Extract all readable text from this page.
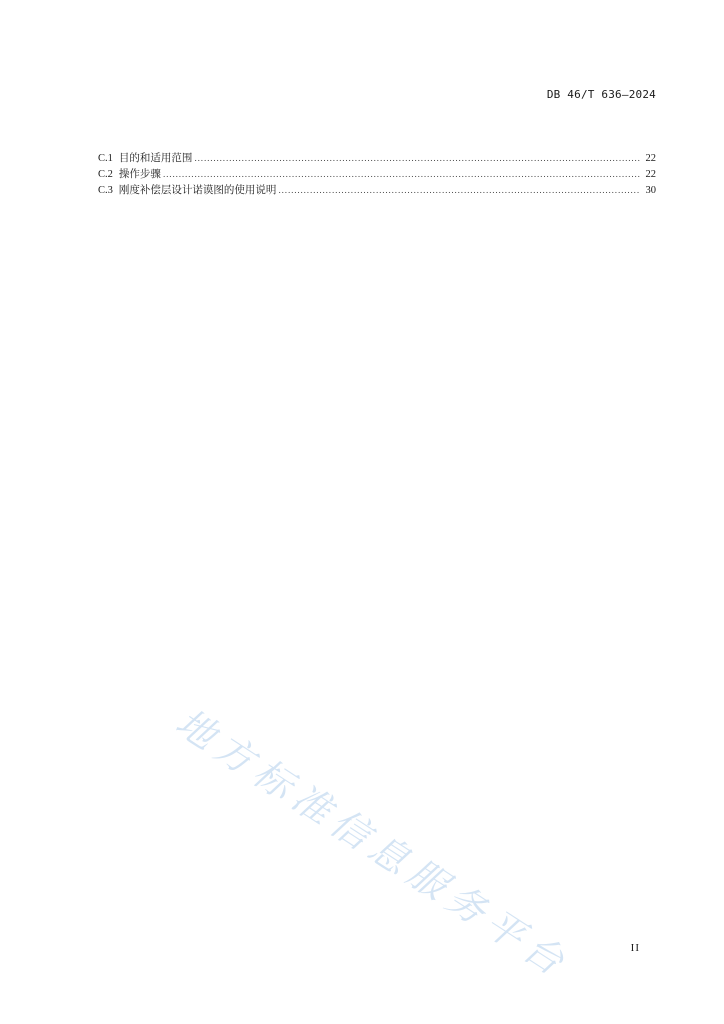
DB 46/T 636—2024
C.1 目的和适用范围 .....	22
C.2 操作步骤 .....	22
C.3 刚度补偿层设计诺谟图的使用说明 .....	30
地方标准信息服务平台	II
